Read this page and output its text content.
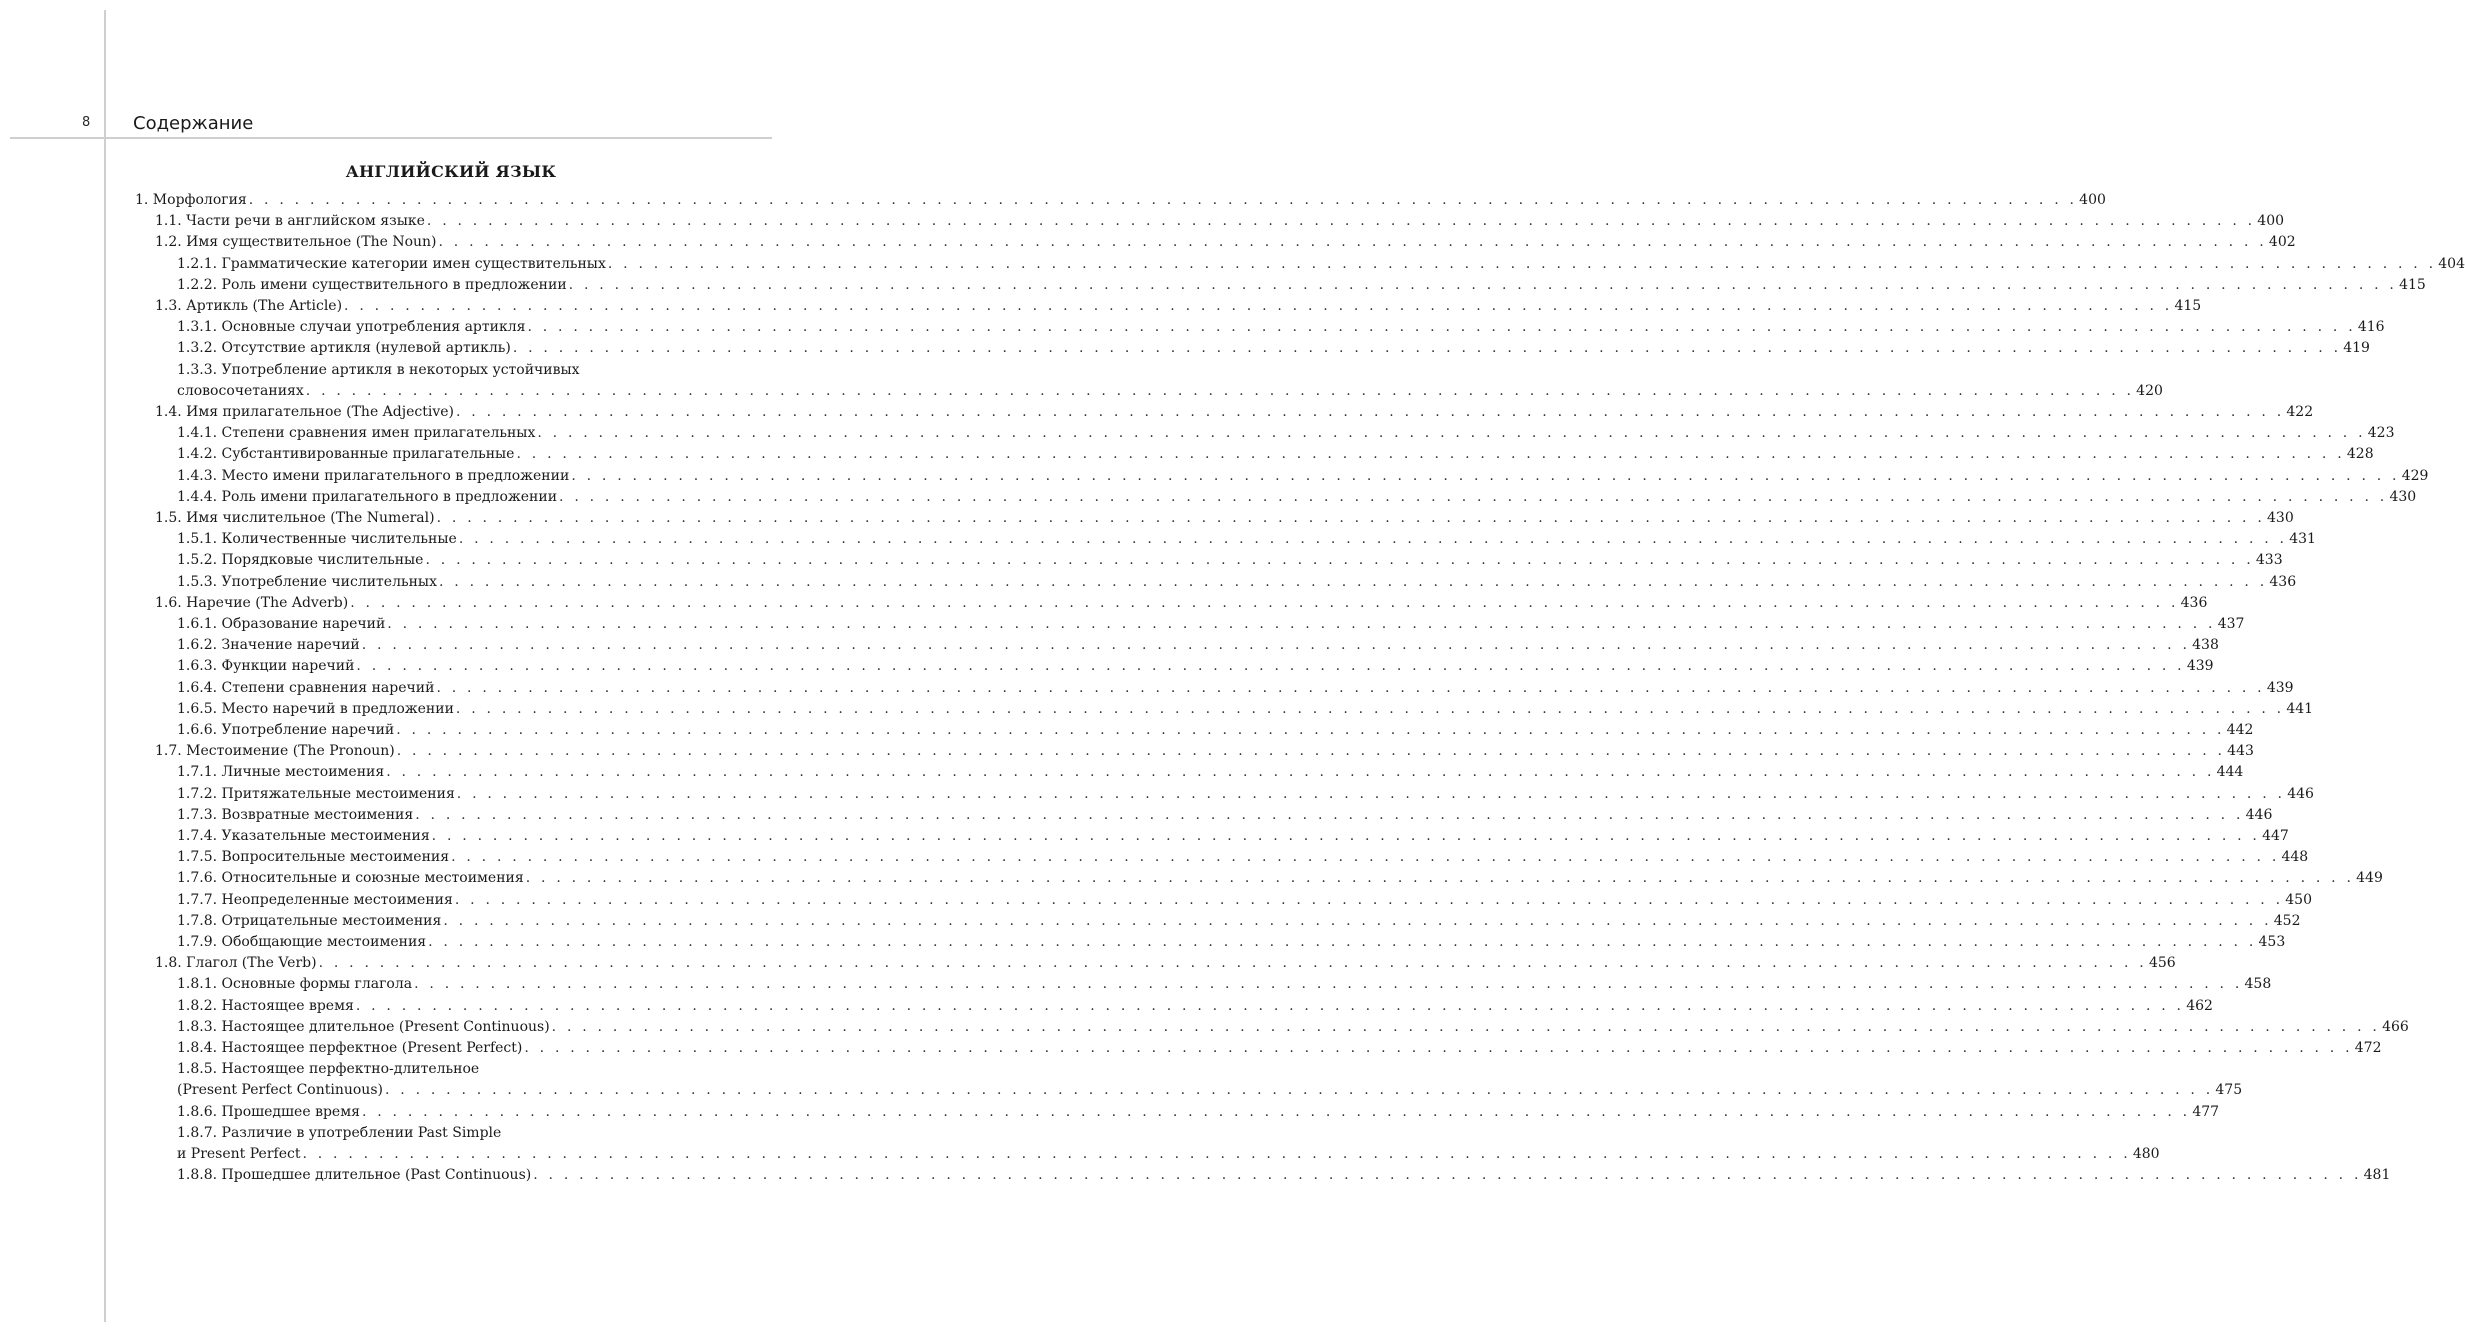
8 Содержание
АНГЛИЙСКИЙ ЯЗЫК
1. Морфология . . . . . . . . . . . . . . . . . . . . . . . . . . . . . . . . . . . . . . . . . . . . . . . . . . . . . . . . . . . . . . . . . . . . . . . . . . . . . . . . . . . . . . . . . . . . . . . . . . . . . . . . . . . . . . . . . . . . . . . . 400
1.1. Части речи в английском языке . . . . . . . . . . . . . . . . . . . . . . . . . . . . . . . . . . . . . . . . . . . . . . . . . . . . . . . . . . . . . . . . . . . . . . . . . . . . . . . . . . . . . . . . . . . . . . . . . . . . . . . . . . . . . . . . . . . . . . . . 400
1.2. Имя существительное (The Noun) . . . . . . . . . . . . . . . . . . . . . . . . . . . . . . . . . . . . . . . . . . . . . . . . . . . . . . . . . . . . . . . . . . . . . . . . . . . . . . . . . . . . . . . . . . . . . . . . . . . . . . . . . . . . . . . . . . . . . . . . 402
1.2.1. Грамматические категории имен существительных . . . . . . . . . . . . . . . . . . . . . . . . . . . . . . . . . . . . . . . . . . . . . . . . . . . . . . . . . . . . . . . . . . . . . . . . . . . . . . . . . . . . . . . . . . . . . . . . . . . . . . . . . . . . . . . . . . . . . . . . 404
1.2.2. Роль имени существительного в предложении . . . . . . . . . . . . . . . . . . . . . . . . . . . . . . . . . . . . . . . . . . . . . . . . . . . . . . . . . . . . . . . . . . . . . . . . . . . . . . . . . . . . . . . . . . . . . . . . . . . . . . . . . . . . . . . . . . . . . . . . 415
1.3. Артикль (The Article) . . . . . . . . . . . . . . . . . . . . . . . . . . . . . . . . . . . . . . . . . . . . . . . . . . . . . . . . . . . . . . . . . . . . . . . . . . . . . . . . . . . . . . . . . . . . . . . . . . . . . . . . . . . . . . . . . . . . . . . . 415
1.3.1. Основные случаи употребления артикля . . . . . . . . . . . . . . . . . . . . . . . . . . . . . . . . . . . . . . . . . . . . . . . . . . . . . . . . . . . . . . . . . . . . . . . . . . . . . . . . . . . . . . . . . . . . . . . . . . . . . . . . . . . . . . . . . . . . . . . . 416
1.3.2. Отсутствие артикля (нулевой артикль) . . . . . . . . . . . . . . . . . . . . . . . . . . . . . . . . . . . . . . . . . . . . . . . . . . . . . . . . . . . . . . . . . . . . . . . . . . . . . . . . . . . . . . . . . . . . . . . . . . . . . . . . . . . . . . . . . . . . . . . . 419
1.3.3. Употребление артикля в некоторых устойчивых
словосочетаниях . . . . . . . . . . . . . . . . . . . . . . . . . . . . . . . . . . . . . . . . . . . . . . . . . . . . . . . . . . . . . . . . . . . . . . . . . . . . . . . . . . . . . . . . . . . . . . . . . . . . . . . . . . . . . . . . . . . . . . . . 420
1.4. Имя прилагательное (The Adjective) . . . . . . . . . . . . . . . . . . . . . . . . . . . . . . . . . . . . . . . . . . . . . . . . . . . . . . . . . . . . . . . . . . . . . . . . . . . . . . . . . . . . . . . . . . . . . . . . . . . . . . . . . . . . . . . . . . . . . . . . 422
1.4.1. Степени сравнения имен прилагательных . . . . . . . . . . . . . . . . . . . . . . . . . . . . . . . . . . . . . . . . . . . . . . . . . . . . . . . . . . . . . . . . . . . . . . . . . . . . . . . . . . . . . . . . . . . . . . . . . . . . . . . . . . . . . . . . . . . . . . . . 423
1.4.2. Субстантивированные прилагательные . . . . . . . . . . . . . . . . . . . . . . . . . . . . . . . . . . . . . . . . . . . . . . . . . . . . . . . . . . . . . . . . . . . . . . . . . . . . . . . . . . . . . . . . . . . . . . . . . . . . . . . . . . . . . . . . . . . . . . . . 428
1.4.3. Место имени прилагательного в предложении . . . . . . . . . . . . . . . . . . . . . . . . . . . . . . . . . . . . . . . . . . . . . . . . . . . . . . . . . . . . . . . . . . . . . . . . . . . . . . . . . . . . . . . . . . . . . . . . . . . . . . . . . . . . . . . . . . . . . . . . 429
1.4.4. Роль имени прилагательного в предложении . . . . . . . . . . . . . . . . . . . . . . . . . . . . . . . . . . . . . . . . . . . . . . . . . . . . . . . . . . . . . . . . . . . . . . . . . . . . . . . . . . . . . . . . . . . . . . . . . . . . . . . . . . . . . . . . . . . . . . . . 430
1.5. Имя числительное (The Numeral) . . . . . . . . . . . . . . . . . . . . . . . . . . . . . . . . . . . . . . . . . . . . . . . . . . . . . . . . . . . . . . . . . . . . . . . . . . . . . . . . . . . . . . . . . . . . . . . . . . . . . . . . . . . . . . . . . . . . . . . . 430
1.5.1. Количественные числительные . . . . . . . . . . . . . . . . . . . . . . . . . . . . . . . . . . . . . . . . . . . . . . . . . . . . . . . . . . . . . . . . . . . . . . . . . . . . . . . . . . . . . . . . . . . . . . . . . . . . . . . . . . . . . . . . . . . . . . . . 431
1.5.2. Порядковые числительные . . . . . . . . . . . . . . . . . . . . . . . . . . . . . . . . . . . . . . . . . . . . . . . . . . . . . . . . . . . . . . . . . . . . . . . . . . . . . . . . . . . . . . . . . . . . . . . . . . . . . . . . . . . . . . . . . . . . . . . . 433
1.5.3. Употребление числительных . . . . . . . . . . . . . . . . . . . . . . . . . . . . . . . . . . . . . . . . . . . . . . . . . . . . . . . . . . . . . . . . . . . . . . . . . . . . . . . . . . . . . . . . . . . . . . . . . . . . . . . . . . . . . . . . . . . . . . . . 436
1.6. Наречие (The Adverb) . . . . . . . . . . . . . . . . . . . . . . . . . . . . . . . . . . . . . . . . . . . . . . . . . . . . . . . . . . . . . . . . . . . . . . . . . . . . . . . . . . . . . . . . . . . . . . . . . . . . . . . . . . . . . . . . . . . . . . . . 436
1.6.1. Образование наречий . . . . . . . . . . . . . . . . . . . . . . . . . . . . . . . . . . . . . . . . . . . . . . . . . . . . . . . . . . . . . . . . . . . . . . . . . . . . . . . . . . . . . . . . . . . . . . . . . . . . . . . . . . . . . . . . . . . . . . . . 437
1.6.2. Значение наречий . . . . . . . . . . . . . . . . . . . . . . . . . . . . . . . . . . . . . . . . . . . . . . . . . . . . . . . . . . . . . . . . . . . . . . . . . . . . . . . . . . . . . . . . . . . . . . . . . . . . . . . . . . . . . . . . . . . . . . . . 438
1.6.3. Функции наречий . . . . . . . . . . . . . . . . . . . . . . . . . . . . . . . . . . . . . . . . . . . . . . . . . . . . . . . . . . . . . . . . . . . . . . . . . . . . . . . . . . . . . . . . . . . . . . . . . . . . . . . . . . . . . . . . . . . . . . . . 439
1.6.4. Степени сравнения наречий . . . . . . . . . . . . . . . . . . . . . . . . . . . . . . . . . . . . . . . . . . . . . . . . . . . . . . . . . . . . . . . . . . . . . . . . . . . . . . . . . . . . . . . . . . . . . . . . . . . . . . . . . . . . . . . . . . . . . . . . 439
1.6.5. Место наречий в предложении . . . . . . . . . . . . . . . . . . . . . . . . . . . . . . . . . . . . . . . . . . . . . . . . . . . . . . . . . . . . . . . . . . . . . . . . . . . . . . . . . . . . . . . . . . . . . . . . . . . . . . . . . . . . . . . . . . . . . . . . 441
1.6.6. Употребление наречий . . . . . . . . . . . . . . . . . . . . . . . . . . . . . . . . . . . . . . . . . . . . . . . . . . . . . . . . . . . . . . . . . . . . . . . . . . . . . . . . . . . . . . . . . . . . . . . . . . . . . . . . . . . . . . . . . . . . . . . . 442
1.7. Местоимение (The Pronoun) . . . . . . . . . . . . . . . . . . . . . . . . . . . . . . . . . . . . . . . . . . . . . . . . . . . . . . . . . . . . . . . . . . . . . . . . . . . . . . . . . . . . . . . . . . . . . . . . . . . . . . . . . . . . . . . . . . . . . . . . 443
1.7.1. Личные местоимения . . . . . . . . . . . . . . . . . . . . . . . . . . . . . . . . . . . . . . . . . . . . . . . . . . . . . . . . . . . . . . . . . . . . . . . . . . . . . . . . . . . . . . . . . . . . . . . . . . . . . . . . . . . . . . . . . . . . . . . . 444
1.7.2. Притяжательные местоимения . . . . . . . . . . . . . . . . . . . . . . . . . . . . . . . . . . . . . . . . . . . . . . . . . . . . . . . . . . . . . . . . . . . . . . . . . . . . . . . . . . . . . . . . . . . . . . . . . . . . . . . . . . . . . . . . . . . . . . . . 446
1.7.3. Возвратные местоимения . . . . . . . . . . . . . . . . . . . . . . . . . . . . . . . . . . . . . . . . . . . . . . . . . . . . . . . . . . . . . . . . . . . . . . . . . . . . . . . . . . . . . . . . . . . . . . . . . . . . . . . . . . . . . . . . . . . . . . . . 446
1.7.4. Указательные местоимения . . . . . . . . . . . . . . . . . . . . . . . . . . . . . . . . . . . . . . . . . . . . . . . . . . . . . . . . . . . . . . . . . . . . . . . . . . . . . . . . . . . . . . . . . . . . . . . . . . . . . . . . . . . . . . . . . . . . . . . . 447
1.7.5. Вопросительные местоимения . . . . . . . . . . . . . . . . . . . . . . . . . . . . . . . . . . . . . . . . . . . . . . . . . . . . . . . . . . . . . . . . . . . . . . . . . . . . . . . . . . . . . . . . . . . . . . . . . . . . . . . . . . . . . . . . . . . . . . . . 448
1.7.6. Относительные и союзные местоимения . . . . . . . . . . . . . . . . . . . . . . . . . . . . . . . . . . . . . . . . . . . . . . . . . . . . . . . . . . . . . . . . . . . . . . . . . . . . . . . . . . . . . . . . . . . . . . . . . . . . . . . . . . . . . . . . . . . . . . . . 449
1.7.7. Неопределенные местоимения . . . . . . . . . . . . . . . . . . . . . . . . . . . . . . . . . . . . . . . . . . . . . . . . . . . . . . . . . . . . . . . . . . . . . . . . . . . . . . . . . . . . . . . . . . . . . . . . . . . . . . . . . . . . . . . . . . . . . . . . 450
1.7.8. Отрицательные местоимения . . . . . . . . . . . . . . . . . . . . . . . . . . . . . . . . . . . . . . . . . . . . . . . . . . . . . . . . . . . . . . . . . . . . . . . . . . . . . . . . . . . . . . . . . . . . . . . . . . . . . . . . . . . . . . . . . . . . . . . . 452
1.7.9. Обобщающие местоимения . . . . . . . . . . . . . . . . . . . . . . . . . . . . . . . . . . . . . . . . . . . . . . . . . . . . . . . . . . . . . . . . . . . . . . . . . . . . . . . . . . . . . . . . . . . . . . . . . . . . . . . . . . . . . . . . . . . . . . . . 453
1.8. Глагол (The Verb) . . . . . . . . . . . . . . . . . . . . . . . . . . . . . . . . . . . . . . . . . . . . . . . . . . . . . . . . . . . . . . . . . . . . . . . . . . . . . . . . . . . . . . . . . . . . . . . . . . . . . . . . . . . . . . . . . . . . . . . . 456
1.8.1. Основные формы глагола . . . . . . . . . . . . . . . . . . . . . . . . . . . . . . . . . . . . . . . . . . . . . . . . . . . . . . . . . . . . . . . . . . . . . . . . . . . . . . . . . . . . . . . . . . . . . . . . . . . . . . . . . . . . . . . . . . . . . . . . 458
1.8.2. Настоящее время . . . . . . . . . . . . . . . . . . . . . . . . . . . . . . . . . . . . . . . . . . . . . . . . . . . . . . . . . . . . . . . . . . . . . . . . . . . . . . . . . . . . . . . . . . . . . . . . . . . . . . . . . . . . . . . . . . . . . . . . 462
1.8.3. Настоящее длительное (Present Continuous) . . . . . . . . . . . . . . . . . . . . . . . . . . . . . . . . . . . . . . . . . . . . . . . . . . . . . . . . . . . . . . . . . . . . . . . . . . . . . . . . . . . . . . . . . . . . . . . . . . . . . . . . . . . . . . . . . . . . . . . . 466
1.8.4. Настоящее перфектное (Present Perfect) . . . . . . . . . . . . . . . . . . . . . . . . . . . . . . . . . . . . . . . . . . . . . . . . . . . . . . . . . . . . . . . . . . . . . . . . . . . . . . . . . . . . . . . . . . . . . . . . . . . . . . . . . . . . . . . . . . . . . . . . 472
1.8.5. Настоящее перфектно-длительное
(Present Perfect Continuous) . . . . . . . . . . . . . . . . . . . . . . . . . . . . . . . . . . . . . . . . . . . . . . . . . . . . . . . . . . . . . . . . . . . . . . . . . . . . . . . . . . . . . . . . . . . . . . . . . . . . . . . . . . . . . . . . . . . . . . . . 475
1.8.6. Прошедшее время . . . . . . . . . . . . . . . . . . . . . . . . . . . . . . . . . . . . . . . . . . . . . . . . . . . . . . . . . . . . . . . . . . . . . . . . . . . . . . . . . . . . . . . . . . . . . . . . . . . . . . . . . . . . . . . . . . . . . . . . 477
1.8.7. Различие в употреблении Past Simple
и Present Perfect . . . . . . . . . . . . . . . . . . . . . . . . . . . . . . . . . . . . . . . . . . . . . . . . . . . . . . . . . . . . . . . . . . . . . . . . . . . . . . . . . . . . . . . . . . . . . . . . . . . . . . . . . . . . . . . . . . . . . . . . 480
1.8.8. Прошедшее длительное (Past Continuous) . . . . . . . . . . . . . . . . . . . . . . . . . . . . . . . . . . . . . . . . . . . . . . . . . . . . . . . . . . . . . . . . . . . . . . . . . . . . . . . . . . . . . . . . . . . . . . . . . . . . . . . . . . . . . . . . . . . . . . . . 481
